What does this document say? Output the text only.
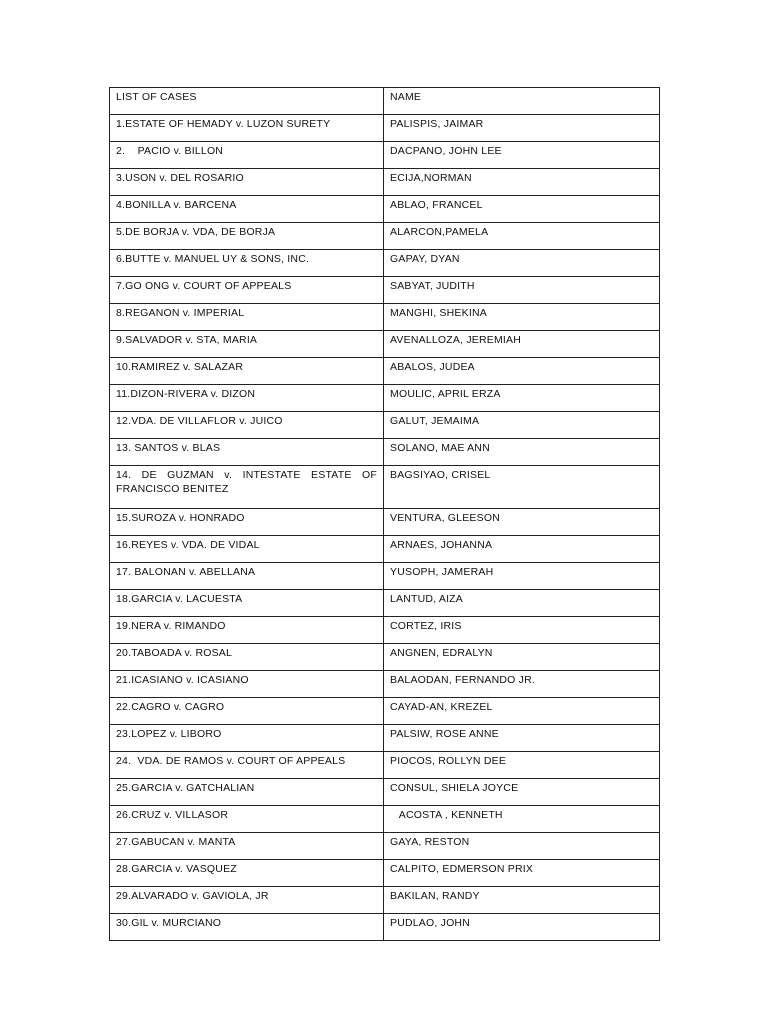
LIST OF CASES	NAME
1.ESTATE OF HEMADY v. LUZON SURETY	PALISPIS, JAIMAR
2.    PACIO v. BILLON	DACPANO, JOHN LEE
3.USON v. DEL ROSARIO	ECIJA,NORMAN
4.BONILLA v. BARCENA	ABLAO, FRANCEL
5.DE BORJA v. VDA, DE BORJA	ALARCON,PAMELA
6.BUTTE v. MANUEL UY & SONS, INC.	GAPAY, DYAN
7.GO ONG v. COURT OF APPEALS	SABYAT, JUDITH
8.REGANON v. IMPERIAL	MANGHI, SHEKINA
9.SALVADOR v. STA, MARIA	AVENALLOZA, JEREMIAH
10.RAMIREZ v. SALAZAR	ABALOS, JUDEA
11.DIZON-RIVERA v. DIZON	MOULIC, APRIL ERZA
12.VDA. DE VILLAFLOR v. JUICO	GALUT, JEMAIMA
13. SANTOS v. BLAS	SOLANO, MAE ANN
14. DE GUZMAN v. INTESTATE ESTATE OF FRANCISCO BENITEZ	BAGSIYAO, CRISEL
15.SUROZA v. HONRADO	VENTURA, GLEESON
16.REYES v. VDA. DE VIDAL	ARNAES, JOHANNA
17. BALONAN v. ABELLANA	YUSOPH, JAMERAH
18.GARCIA v. LACUESTA	LANTUD, AIZA
19.NERA v. RIMANDO	CORTEZ, IRIS
20.TABOADA v. ROSAL	ANGNEN, EDRALYN
21.ICASIANO v. ICASIANO	BALAODAN, FERNANDO JR.
22.CAGRO v. CAGRO	CAYAD-AN, KREZEL
23.LOPEZ v. LIBORO	PALSIW, ROSE ANNE
24.  VDA. DE RAMOS v. COURT OF APPEALS	PIOCOS, ROLLYN DEE
25.GARCIA v. GATCHALIAN	CONSUL, SHIELA JOYCE
26.CRUZ v. VILLASOR	ACOSTA , KENNETH
27.GABUCAN v. MANTA	GAYA, RESTON
28.GARCIA v. VASQUEZ	CALPITO, EDMERSON PRIX
29.ALVARADO v. GAVIOLA, JR	BAKILAN, RANDY
30.GIL v. MURCIANO	PUDLAO, JOHN
